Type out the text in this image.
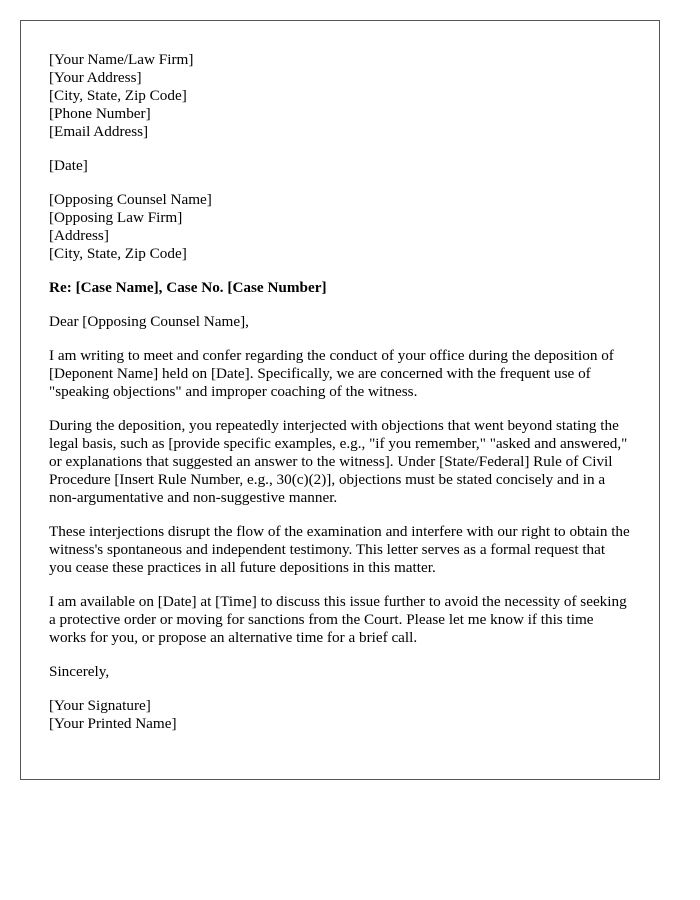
[Your Name/Law Firm]
[Your Address]
[City, State, Zip Code]
[Phone Number]
[Email Address]
[Date]
[Opposing Counsel Name]
[Opposing Law Firm]
[Address]
[City, State, Zip Code]
Re: [Case Name], Case No. [Case Number]

Dear [Opposing Counsel Name],

I am writing to meet and confer regarding the conduct of your office during the deposition of [Deponent Name] held on [Date]. Specifically, we are concerned with the frequent use of "speaking objections" and improper coaching of the witness.

During the deposition, you repeatedly interjected with objections that went beyond stating the legal basis, such as [provide specific examples, e.g., "if you remember," "asked and answered," or explanations that suggested an answer to the witness]. Under [State/Federal] Rule of Civil Procedure [Insert Rule Number, e.g., 30(c)(2)], objections must be stated concisely and in a non-argumentative and non-suggestive manner.

These interjections disrupt the flow of the examination and interfere with our right to obtain the witness's spontaneous and independent testimony. This letter serves as a formal request that you cease these practices in all future depositions in this matter.

I am available on [Date] at [Time] to discuss this issue further to avoid the necessity of seeking a protective order or moving for sanctions from the Court. Please let me know if this time works for you, or propose an alternative time for a brief call.

Sincerely,

[Your Signature]
[Your Printed Name]
